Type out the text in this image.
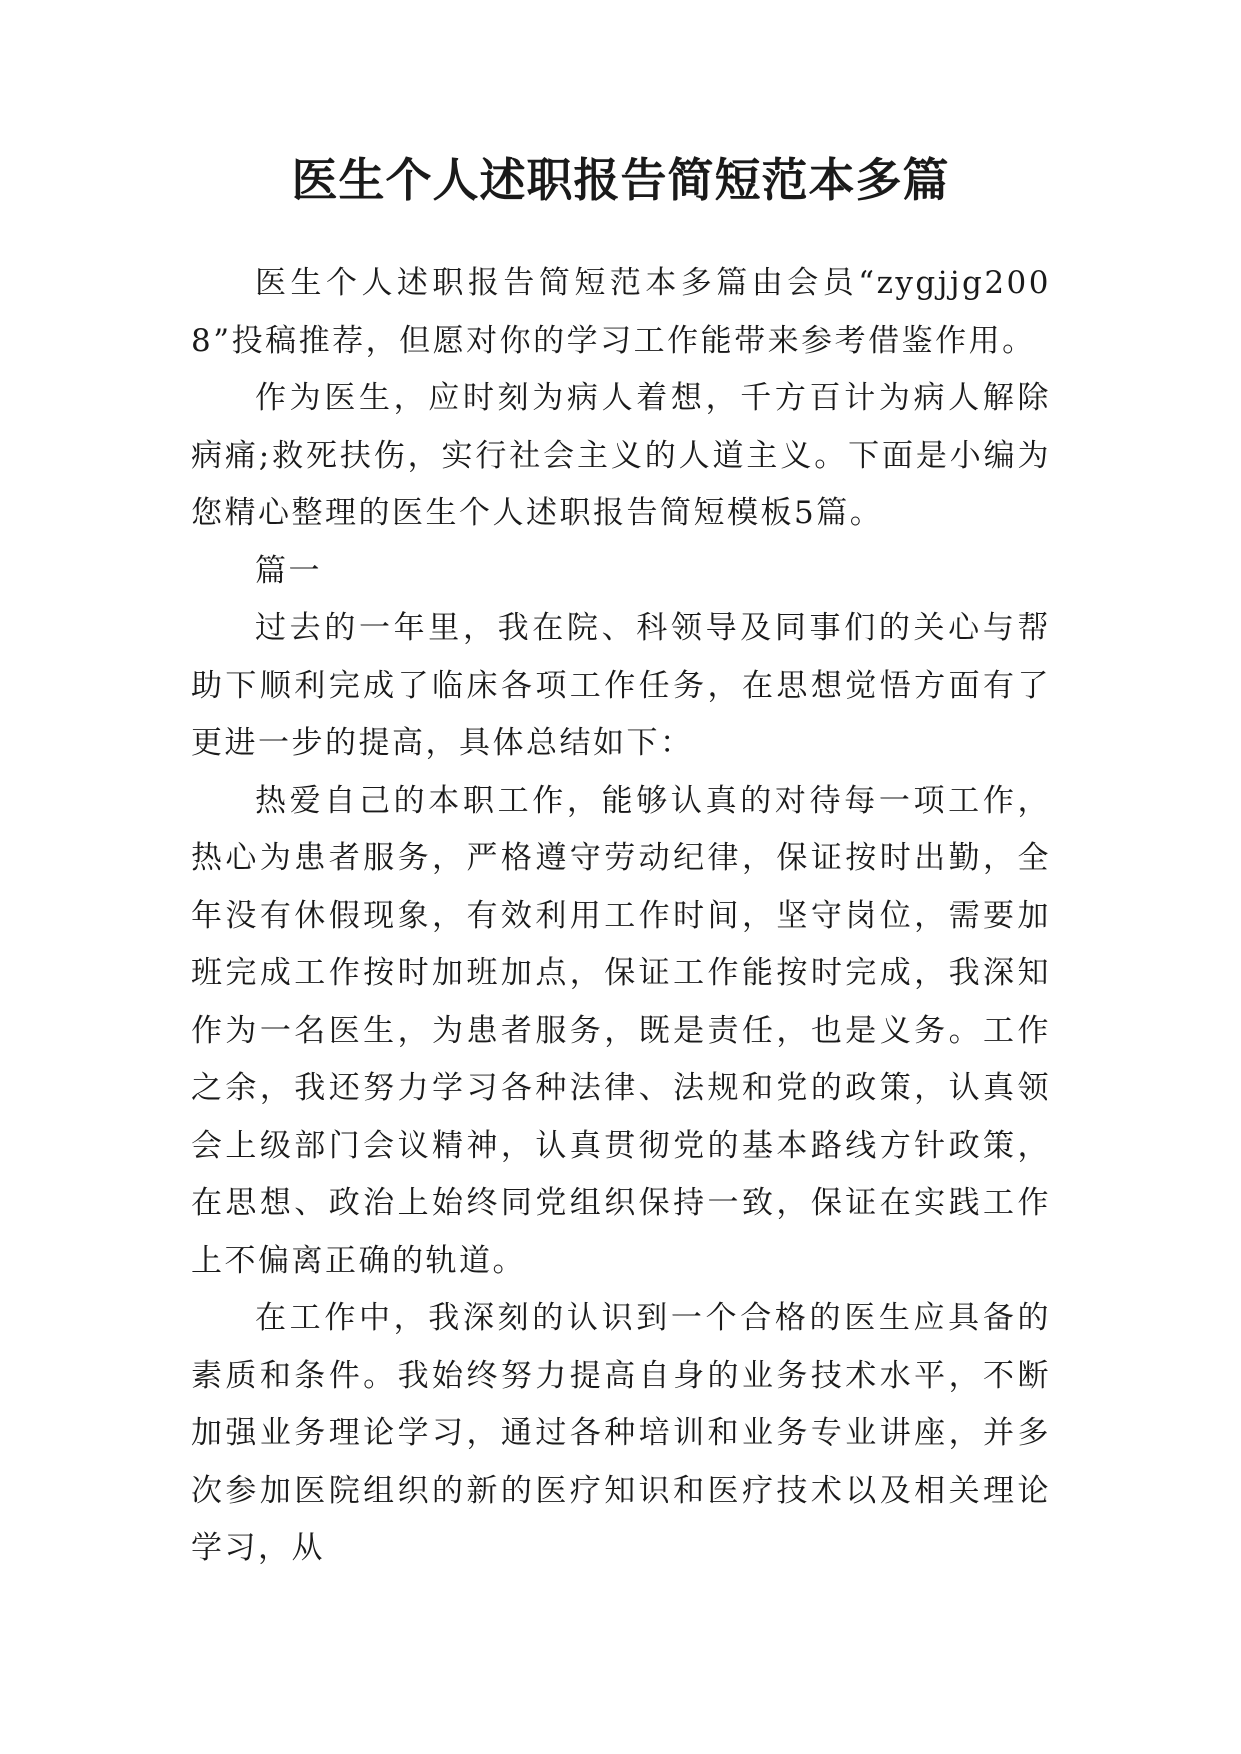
医生个人述职报告简短范本多篇

医生个人述职报告简短范本多篇由会员“zygjjg2008”投稿推荐，但愿对你的学习工作能带来参考借鉴作用。

作为医生，应时刻为病人着想，千方百计为病人解除病痛;救死扶伤，实行社会主义的人道主义。下面是小编为您精心整理的医生个人述职报告简短模板5篇。

篇一

过去的一年里，我在院、科领导及同事们的关心与帮助下顺利完成了临床各项工作任务，在思想觉悟方面有了更进一步的提高，具体总结如下：

热爱自己的本职工作，能够认真的对待每一项工作，热心为患者服务，严格遵守劳动纪律，保证按时出勤，全年没有休假现象，有效利用工作时间，坚守岗位，需要加班完成工作按时加班加点，保证工作能按时完成，我深知作为一名医生，为患者服务，既是责任，也是义务。工作之余，我还努力学习各种法律、法规和党的政策，认真领会上级部门会议精神，认真贯彻党的基本路线方针政策，在思想、政治上始终同党组织保持一致，保证在实践工作上不偏离正确的轨道。

在工作中，我深刻的认识到一个合格的医生应具备的素质和条件。我始终努力提高自身的业务技术水平，不断加强业务理论学习，通过各种培训和业务专业讲座，并多次参加医院组织的新的医疗知识和医疗技术以及相关理论学习，从
